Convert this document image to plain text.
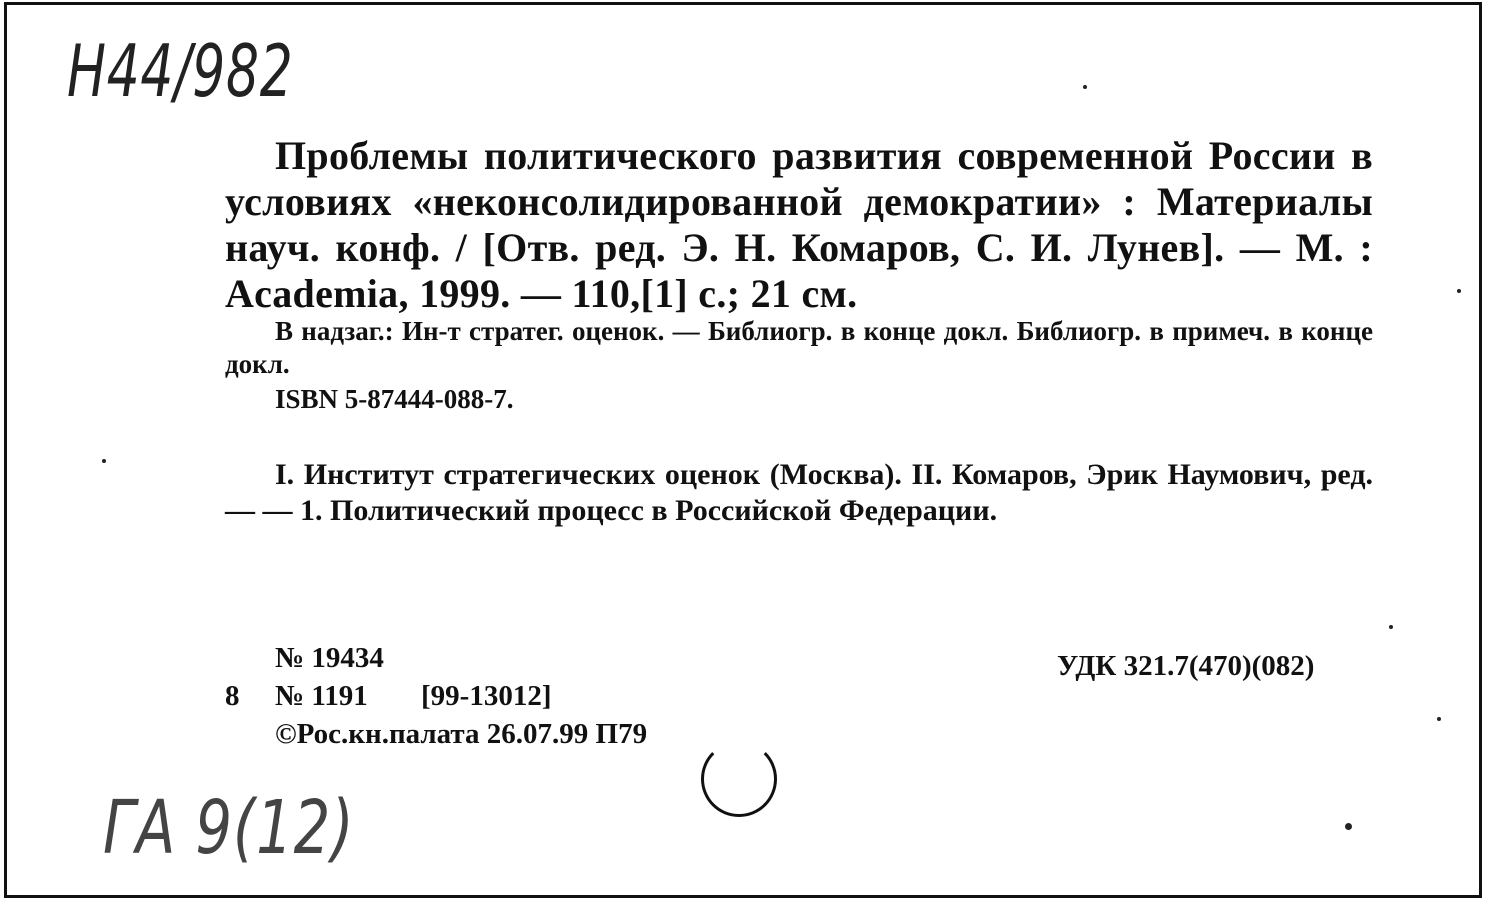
Н44/982
Проблемы политического развития современной России в условиях «неконсолидированной демократии» : Материалы науч. конф. / [Отв. ред. Э. Н. Комаров, С. И. Лунев]. — М. : Academia, 1999. — 110,[1] с.; 21 см.
В надзаг.: Ин-т стратег. оценок. — Библиогр. в конце докл. Библиогр. в примеч. в конце докл.
ISBN 5-87444-088-7.
I. Институт стратегических оценок (Москва). II. Комаров, Эрик Наумович, ред. — — 1. Политический процесс в Российской Федерации.
№ 19434
8 № 1191 [99-13012]
©Рос.кн.палата 26.07.99 П79
УДК 321.7(470)(082)
ГА 9(12)
